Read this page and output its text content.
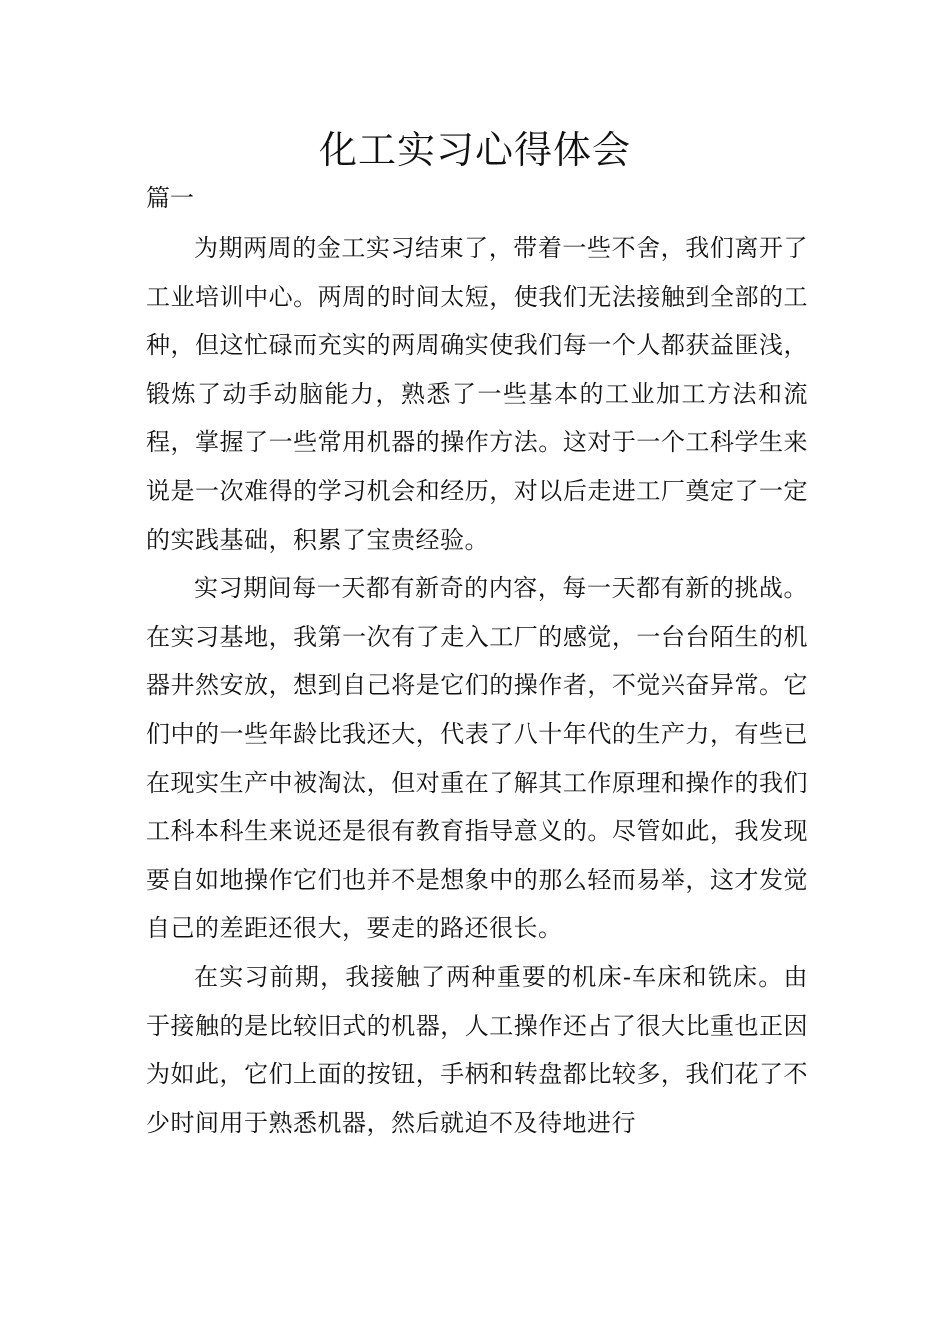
化工实习心得体会
篇一

为期两周的金工实习结束了，带着一些不舍，我们离开了工业培训中心。两周的时间太短，使我们无法接触到全部的工种，但这忙碌而充实的两周确实使我们每一个人都获益匪浅，锻炼了动手动脑能力，熟悉了一些基本的工业加工方法和流程，掌握了一些常用机器的操作方法。这对于一个工科学生来说是一次难得的学习机会和经历，对以后走进工厂奠定了一定的实践基础，积累了宝贵经验。

实习期间每一天都有新奇的内容，每一天都有新的挑战。在实习基地，我第一次有了走入工厂的感觉，一台台陌生的机器井然安放，想到自己将是它们的操作者，不觉兴奋异常。它们中的一些年龄比我还大，代表了八十年代的生产力，有些已在现实生产中被淘汰，但对重在了解其工作原理和操作的我们工科本科生来说还是很有教育指导意义的。尽管如此，我发现要自如地操作它们也并不是想象中的那么轻而易举，这才发觉自己的差距还很大，要走的路还很长。

在实习前期，我接触了两种重要的机床-车床和铣床。由于接触的是比较旧式的机器，人工操作还占了很大比重也正因为如此，它们上面的按钮，手柄和转盘都比较多，我们花了不少时间用于熟悉机器，然后就迫不及待地进行
